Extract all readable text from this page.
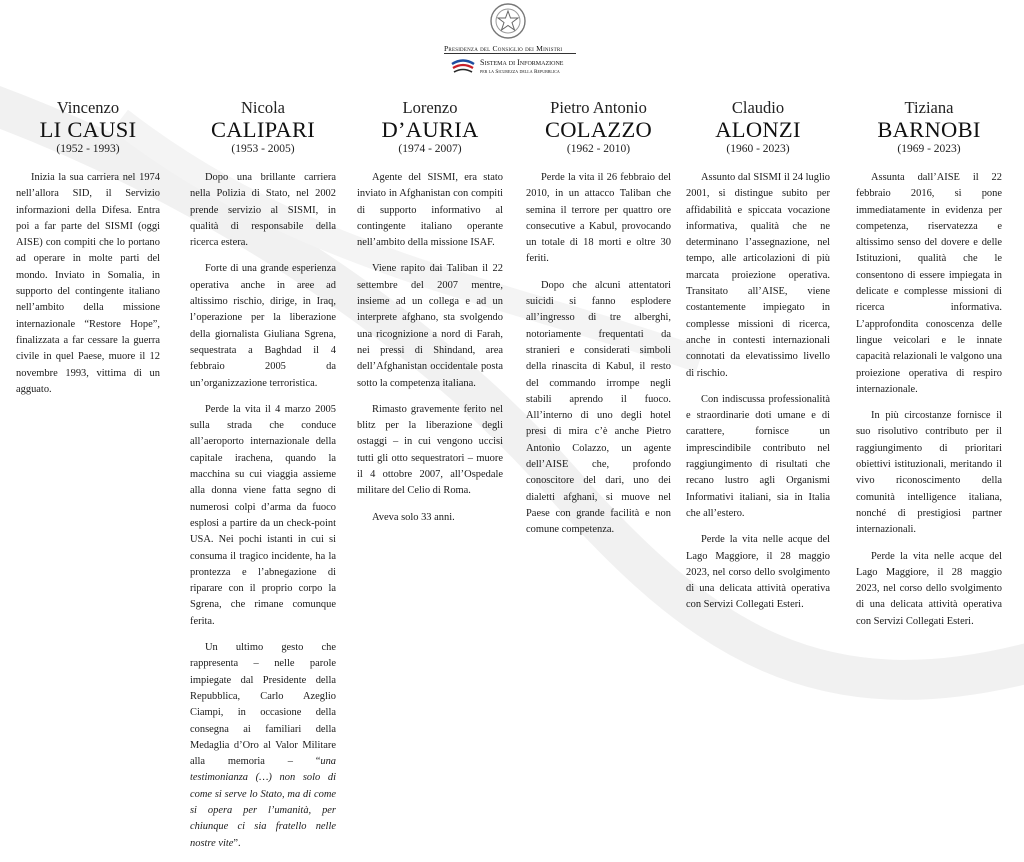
Presidenza del Consiglio dei Ministri
Sistema di Informazione
per la Sicurezza della Repubblica
Vincenzo
LI CAUSI
(1952 - 1993)

Inizia la sua carriera nel 1974 nell’allora SID, il Servizio informazioni della Difesa. Entra poi a far parte del SISMI (oggi AISE) con compiti che lo portano ad operare in molte parti del mondo. Inviato in Somalia, in supporto del contingente italiano nell’ambito della missione internazionale “Restore Hope”, finalizzata a far cessare la guerra civile in quel Paese, muore il 12 novembre 1993, vittima di un agguato.

Nicola
CALIPARI
(1953 - 2005)

Dopo una brillante carriera nella Polizia di Stato, nel 2002 prende servizio al SISMI, in qualità di responsabile della ricerca estera.

Forte di una grande esperienza operativa anche in aree ad altissimo rischio, dirige, in Iraq, l’operazione per la liberazione della giornalista Giuliana Sgrena, sequestrata a Baghdad il 4 febbraio 2005 da un’organizzazione terroristica.

Perde la vita il 4 marzo 2005 sulla strada che conduce all’aeroporto internazionale della capitale irachena, quando la macchina su cui viaggia assieme alla donna viene fatta segno di numerosi colpi d’arma da fuoco esplosi a partire da un check-point USA. Nei pochi istanti in cui si consuma il tragico incidente, ha la prontezza e l’abnegazione di riparare con il proprio corpo la Sgrena, che rimane comunque ferita.

Un ultimo gesto che rappresenta – nelle parole impiegate dal Presidente della Repubblica, Carlo Azeglio Ciampi, in occasione della consegna ai familiari della Medaglia d’Oro al Valor Militare alla memoria – “una testimonianza (…) non solo di come si serve lo Stato, ma di come si opera per l’umanità, per chiunque ci sia fratello nelle nostre vite”.

Lorenzo
D’AURIA
(1974 - 2007)

Agente del SISMI, era stato inviato in Afghanistan con compiti di supporto informativo al contingente italiano operante nell’ambito della missione ISAF.

Viene rapito dai Taliban il 22 settembre del 2007 mentre, insieme ad un collega e ad un interprete afghano, sta svolgendo una ricognizione a nord di Farah, nei pressi di Shindand, area dell’Afghanistan occidentale posta sotto la competenza italiana.

Rimasto gravemente ferito nel blitz per la liberazione degli ostaggi – in cui vengono uccisi tutti gli otto sequestratori – muore il 4 ottobre 2007, all’Ospedale militare del Celio di Roma.

Aveva solo 33 anni.

Pietro Antonio
COLAZZO
(1962 - 2010)

Perde la vita il 26 febbraio del 2010, in un attacco Taliban che semina il terrore per quattro ore consecutive a Kabul, provocando un totale di 18 morti e oltre 30 feriti.

Dopo che alcuni attentatori suicidi si fanno esplodere all’ingresso di tre alberghi, notoriamente frequentati da stranieri e considerati simboli della rinascita di Kabul, il resto del commando irrompe negli stabili aprendo il fuoco. All’interno di uno degli hotel presi di mira c’è anche Pietro Antonio Colazzo, un agente dell’AISE che, profondo conoscitore del dari, uno dei dialetti afghani, si muove nel Paese con grande facilità e non comune competenza.

Claudio
ALONZI
(1960 - 2023)

Assunto dal SISMI il 24 luglio 2001, si distingue subito per affidabilità e spiccata vocazione informativa, qualità che ne determinano l’assegnazione, nel tempo, alle articolazioni di più marcata proiezione operativa. Transitato all’AISE, viene costantemente impiegato in complesse missioni di ricerca, anche in contesti internazionali connotati da elevatissimo livello di rischio.

Con indiscussa professionalità e straordinarie doti umane e di carattere, fornisce un imprescindibile contributo nel raggiungimento di risultati che recano lustro agli Organismi Informativi italiani, sia in Italia che all’estero.

Perde la vita nelle acque del Lago Maggiore, il 28 maggio 2023, nel corso dello svolgimento di una delicata attività operativa con Servizi Collegati Esteri.

Tiziana
BARNOBI
(1969 - 2023)

Assunta dall’AISE il 22 febbraio 2016, si pone immediatamente in evidenza per competenza, riservatezza e altissimo senso del dovere e delle Istituzioni, qualità che le consentono di essere impiegata in delicate e complesse missioni di ricerca informativa. L’approfondita conoscenza delle lingue veicolari e le innate capacità relazionali le valgono una proiezione operativa di respiro internazionale.

In più circostanze fornisce il suo risolutivo contributo per il raggiungimento di prioritari obiettivi istituzionali, meritando il vivo riconoscimento della comunità intelligence italiana, nonché di prestigiosi partner internazionali.

Perde la vita nelle acque del Lago Maggiore, il 28 maggio 2023, nel corso dello svolgimento di una delicata attività operativa con Servizi Collegati Esteri.
